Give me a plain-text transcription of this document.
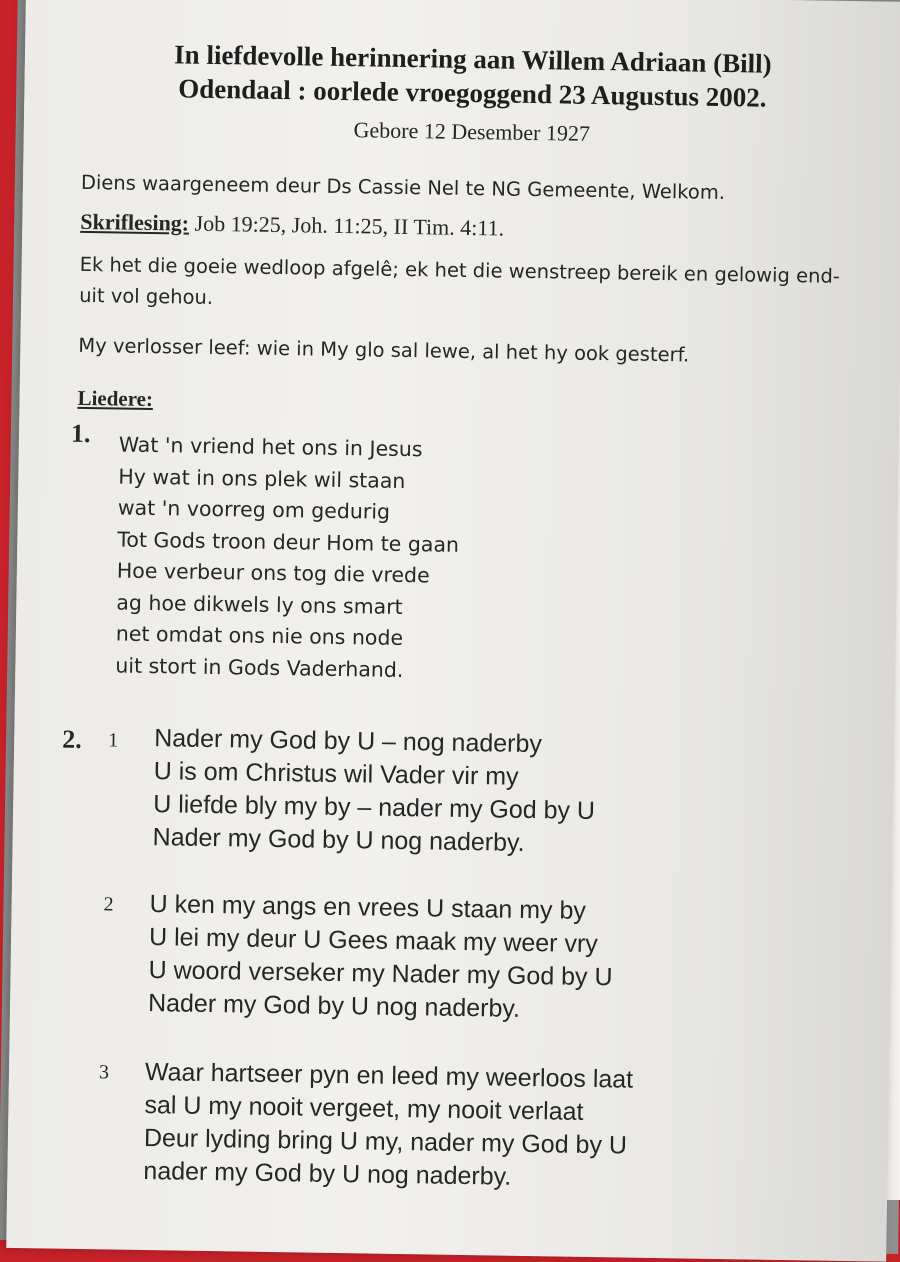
In liefdevolle herinnering aan Willem Adriaan (Bill)
Odendaal : oorlede vroegoggend 23 Augustus 2002.
Gebore 12 Desember 1927
Diens waargeneem deur Ds Cassie Nel te NG Gemeente, Welkom.
Skriflesing: Job 19:25, Joh. 11:25, II Tim. 4:11.
Ek het die goeie wedloop afgelê; ek het die wenstreep bereik en gelowig end-uit vol gehou.
My verlosser leef: wie in My glo sal lewe, al het hy ook gesterf.
Liedere:
1. Wat 'n vriend het ons in Jesus
Hy wat in ons plek wil staan
wat 'n voorreg om gedurig
Tot Gods troon deur Hom te gaan
Hoe verbeur ons tog die vrede
ag hoe dikwels ly ons smart
net omdat ons nie ons node
uit stort in Gods Vaderhand.
2. 1 Nader my God by U – nog naderby
U is om Christus wil Vader vir my
U liefde bly my by – nader my God by U
Nader my God by U nog naderby.
2 U ken my angs en vrees U staan my by
U lei my deur U Gees maak my weer vry
U woord verseker my Nader my God by U
Nader my God by U nog naderby.
3 Waar hartseer pyn en leed my weerloos laat
sal U my nooit vergeet, my nooit verlaat
Deur lyding bring U my, nader my God by U
nader my God by U nog naderby.
